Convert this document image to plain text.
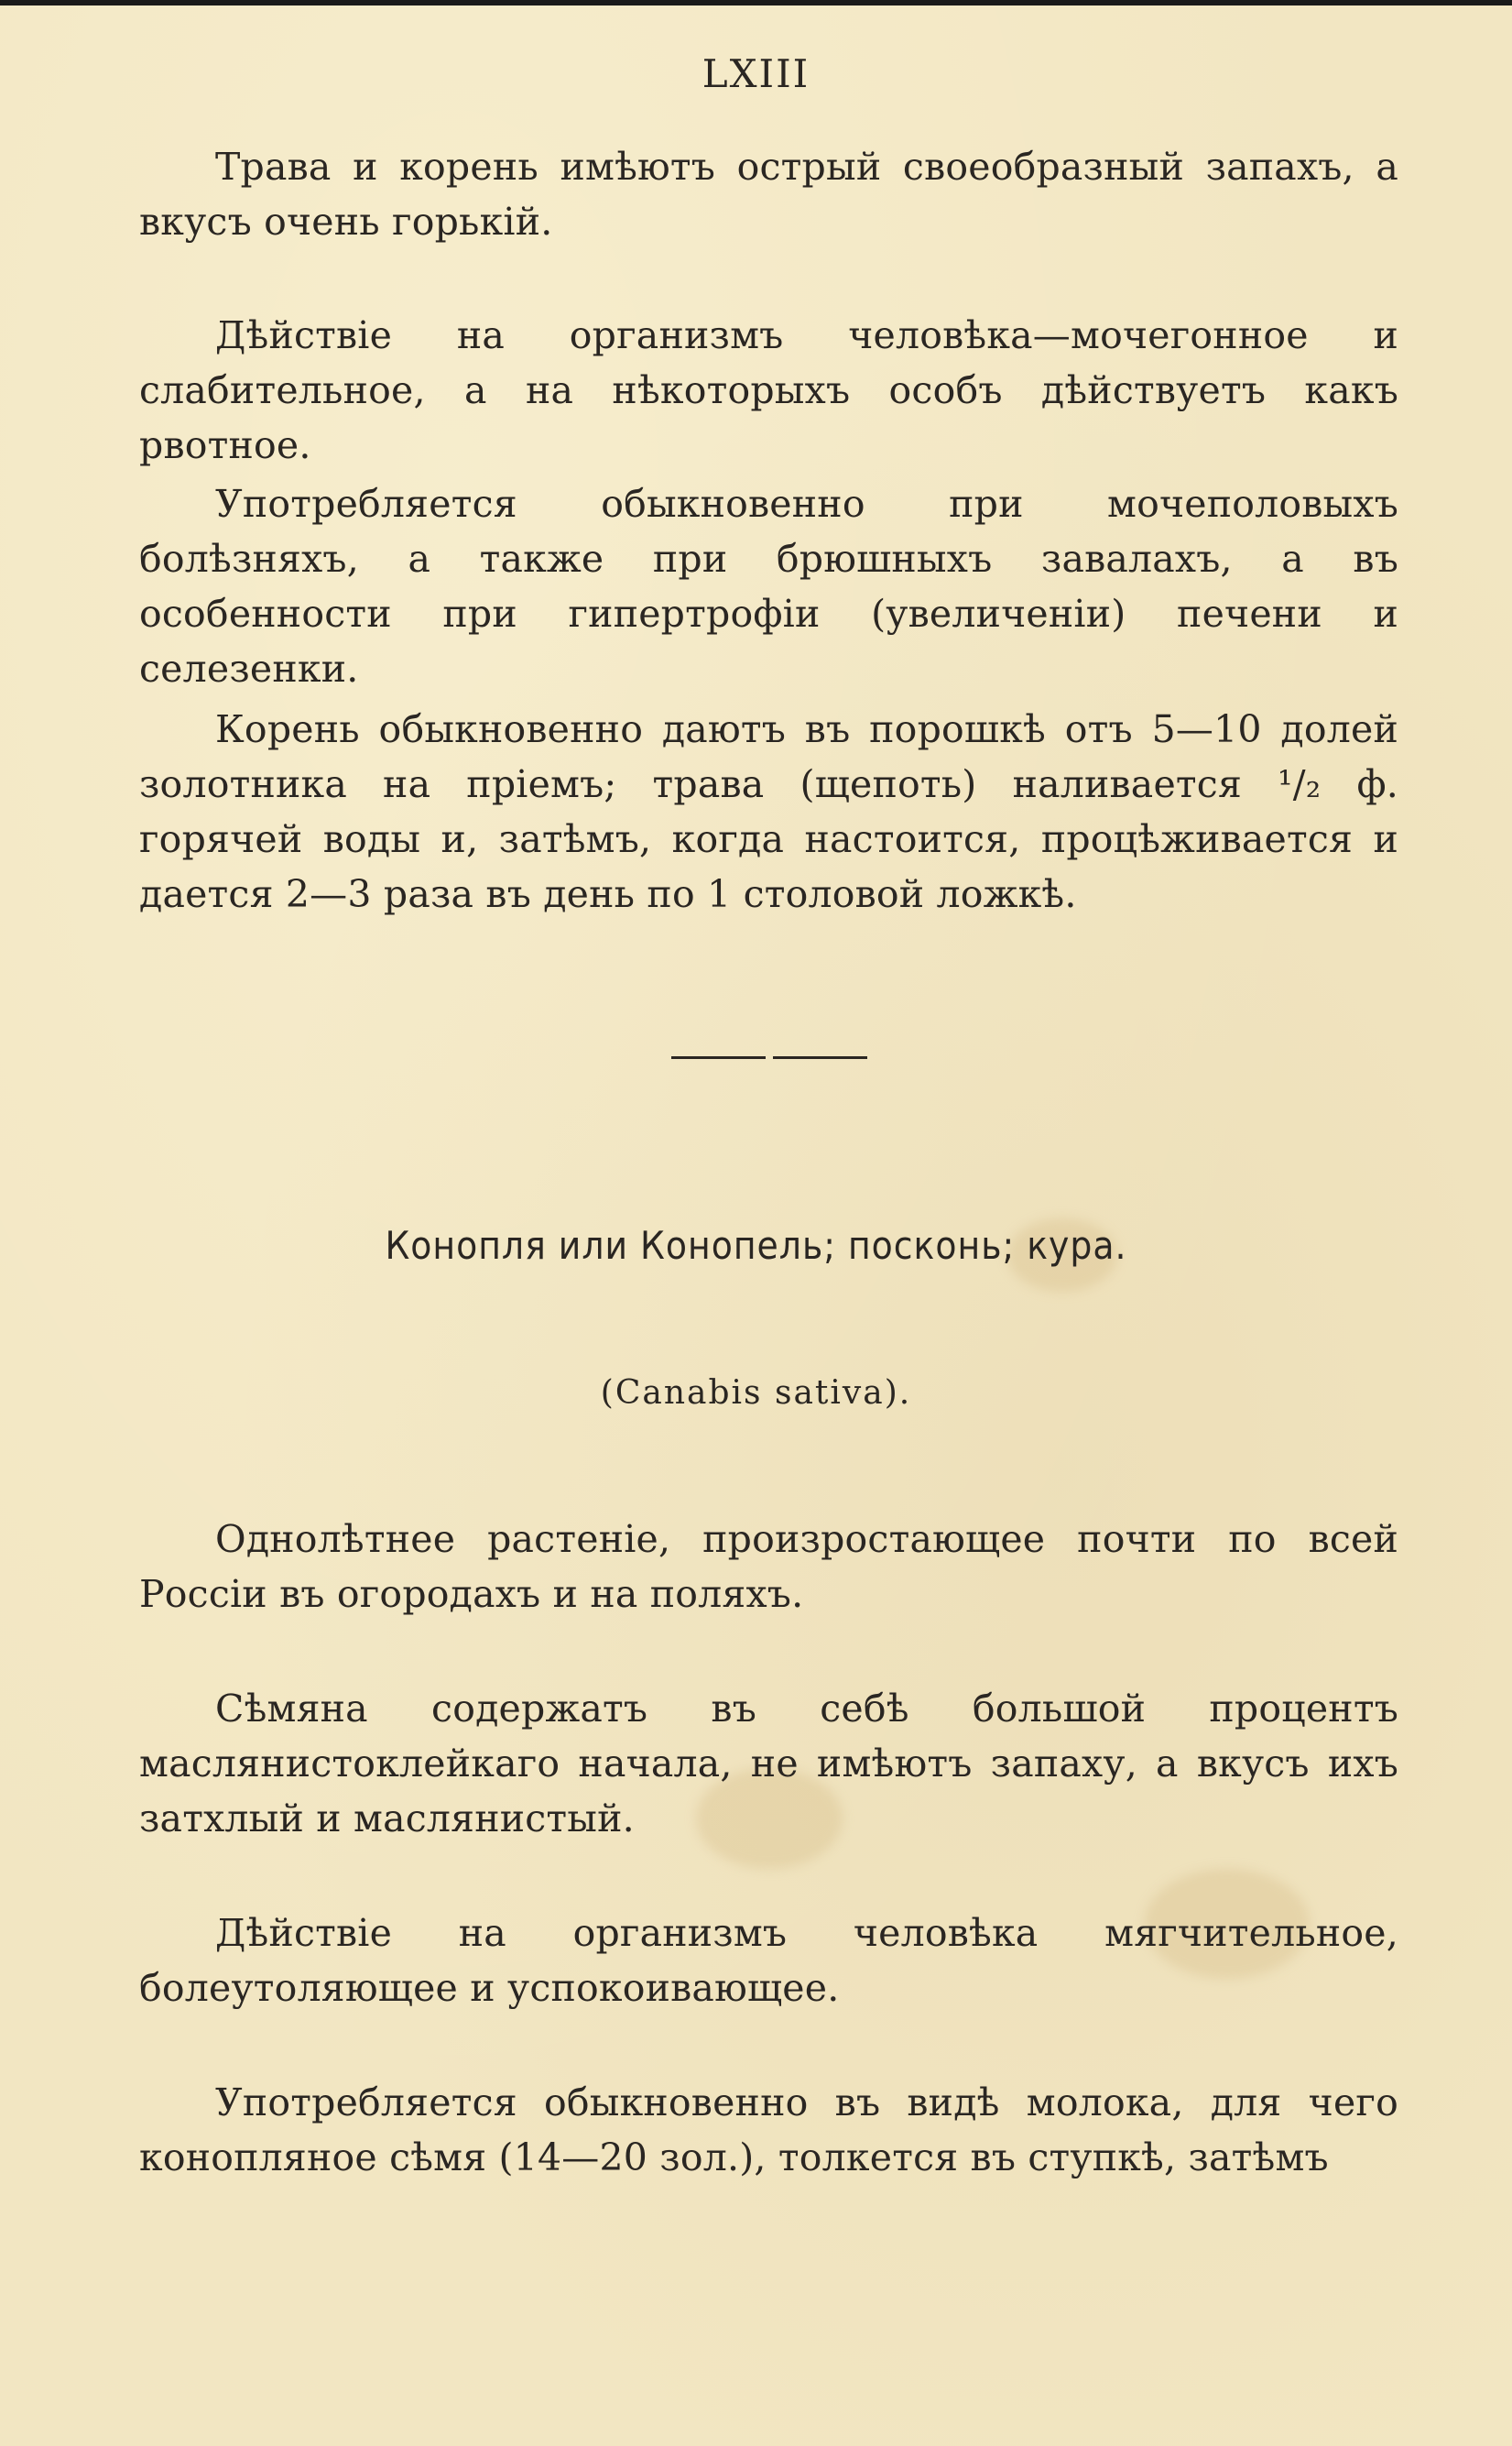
LXIII

Трава и корень имѣютъ острый своеобразный запахъ, а вкусъ очень горькій.

Дѣйствіе на организмъ человѣка—мочегонное и слабительное, а на нѣкоторыхъ особъ дѣйствуетъ какъ рвотное.

Употребляется обыкновенно при мочеполовыхъ болѣзняхъ, а также при брюшныхъ завалахъ, а въ особенности при гипертрофіи (увеличеніи) печени и селезенки.

Корень обыкновенно даютъ въ порошкѣ отъ 5—10 долей золотника на пріемъ; трава (щепоть) наливается ¹/₂ ф. горячей воды и, затѣмъ, когда настоится, процѣживается и дается 2—3 раза въ день по 1 столовой ложкѣ.

Конопля или Конопель; посконь; кура.
(Canabis sativa).

Однолѣтнее растеніе, произростающее почти по всей Россіи въ огородахъ и на поляхъ.

Сѣмяна содержатъ въ себѣ большой процентъ маслянистоклейкаго начала, не имѣютъ запаху, а вкусъ ихъ затхлый и маслянистый.

Дѣйствіе на организмъ человѣка мягчительное, болеутоляющее и успокоивающее.

Употребляется обыкновенно въ видѣ молока, для чего конопляное сѣмя (14—20 зол.), толкется въ ступкѣ, затѣмъ
